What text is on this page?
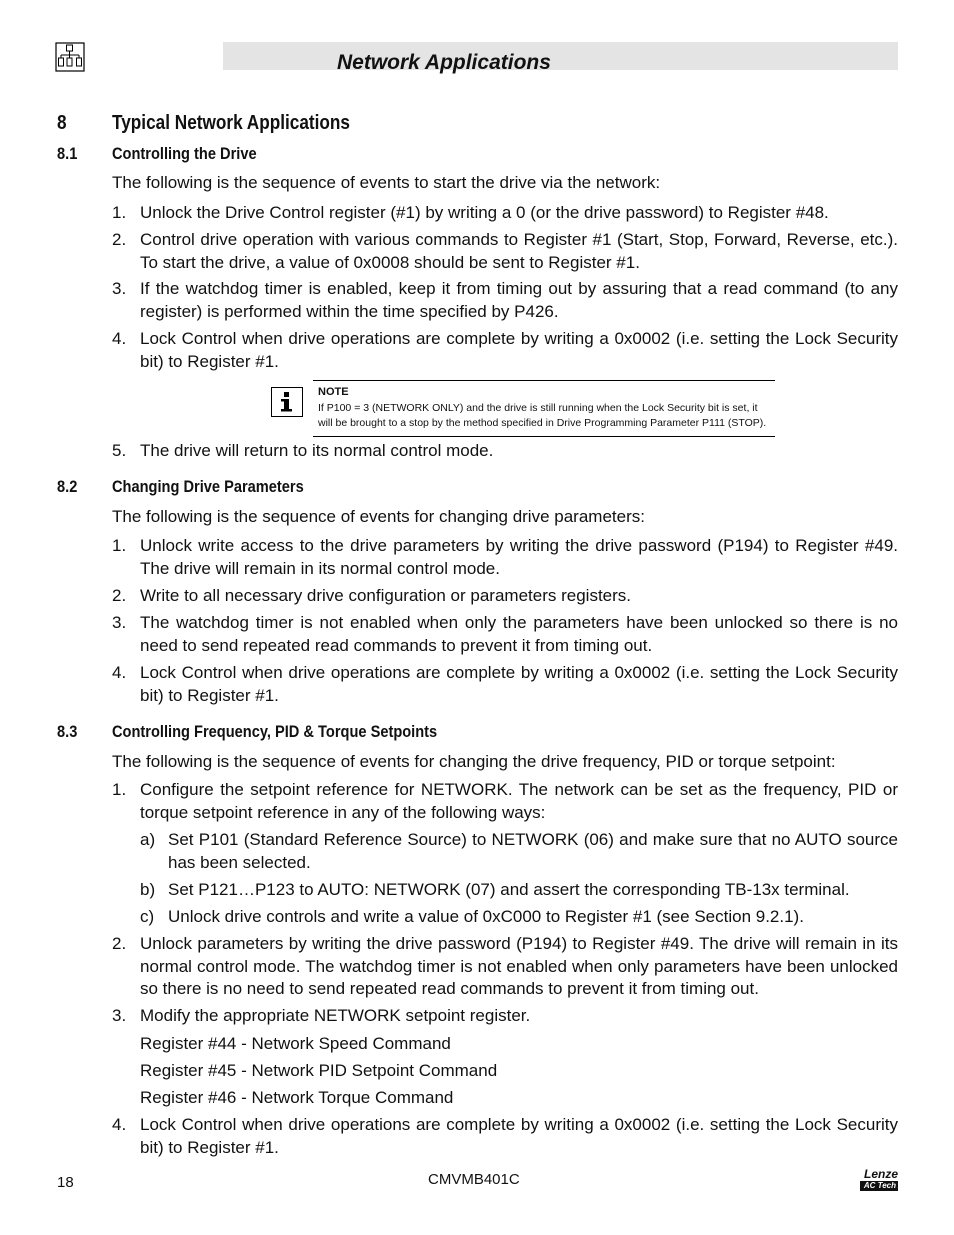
Network Applications
8 Typical Network Applications
8.1 Controlling the Drive
The following is the sequence of events to start the drive via the network:
1. Unlock the Drive Control register (#1) by writing a 0 (or the drive password) to Register #48.
2. Control drive operation with various commands to Register #1 (Start, Stop, Forward, Reverse, etc.). To start the drive, a value of 0x0008 should be sent to Register #1.
3. If the watchdog timer is enabled, keep it from timing out by assuring that a read command (to any register) is performed within the time specified by P426.
4. Lock Control when drive operations are complete by writing a 0x0002 (i.e. setting the Lock Security bit) to Register #1.
NOTE
If P100 = 3 (NETWORK ONLY) and the drive is still running when the Lock Security bit is set, it will be brought to a stop by the method specified in Drive Programming Parameter P111 (STOP).
5. The drive will return to its normal control mode.
8.2 Changing Drive Parameters
The following is the sequence of events for changing drive parameters:
1. Unlock write access to the drive parameters by writing the drive password (P194) to Register #49. The drive will remain in its normal control mode.
2. Write to all necessary drive configuration or parameters registers.
3. The watchdog timer is not enabled when only the parameters have been unlocked so there is no need to send repeated read commands to prevent it from timing out.
4. Lock Control when drive operations are complete by writing a 0x0002 (i.e. setting the Lock Security bit) to Register #1.
8.3 Controlling Frequency, PID & Torque Setpoints
The following is the sequence of events for changing the drive frequency, PID or torque setpoint:
1. Configure the setpoint reference for NETWORK. The network can be set as the frequency, PID or torque setpoint reference in any of the following ways:
a) Set P101 (Standard Reference Source) to NETWORK (06) and make sure that no AUTO source has been selected.
b) Set P121…P123 to AUTO: NETWORK (07) and assert the corresponding TB-13x terminal.
c) Unlock drive controls and write a value of 0xC000 to Register #1 (see Section 9.2.1).
2. Unlock parameters by writing the drive password (P194) to Register #49. The drive will remain in its normal control mode. The watchdog timer is not enabled when only parameters have been unlocked so there is no need to send repeated read commands to prevent it from timing out.
3. Modify the appropriate NETWORK setpoint register.
Register #44 - Network Speed Command
Register #45 - Network PID Setpoint Command
Register #46 - Network Torque Command
4. Lock Control when drive operations are complete by writing a 0x0002 (i.e. setting the Lock Security bit) to Register #1.
18	CMVMB401C	Lenze
AC Tech
